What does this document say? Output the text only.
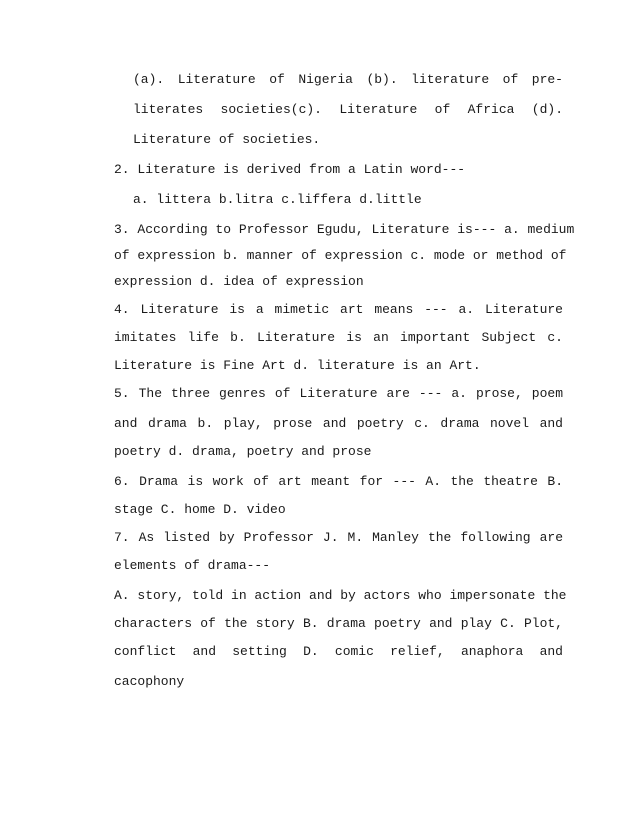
(a). Literature of Nigeria (b). literature of pre-
literates societies(c). Literature of Africa (d).
Literature of societies.
2. Literature is derived from a Latin word---
a. littera b.litra c.liffera d.little
3. According to Professor Egudu, Literature is--- a. medium
of expression b. manner of expression c. mode or method of
expression d. idea of expression
4. Literature is a mimetic art means --- a. Literature
imitates life b. Literature is an important Subject c.
Literature is Fine Art d. literature is an Art.
5. The three genres of Literature are --- a. prose, poem
and drama b. play, prose and poetry c. drama novel and
poetry d. drama, poetry and prose
6. Drama is work of art meant for --- A. the theatre B.
stage C. home D. video
7. As listed by Professor J. M. Manley the following are
elements of drama---
A. story, told in action and by actors who impersonate the
characters of the story B. drama poetry and play C. Plot,
conflict and setting D. comic relief, anaphora and
cacophony
